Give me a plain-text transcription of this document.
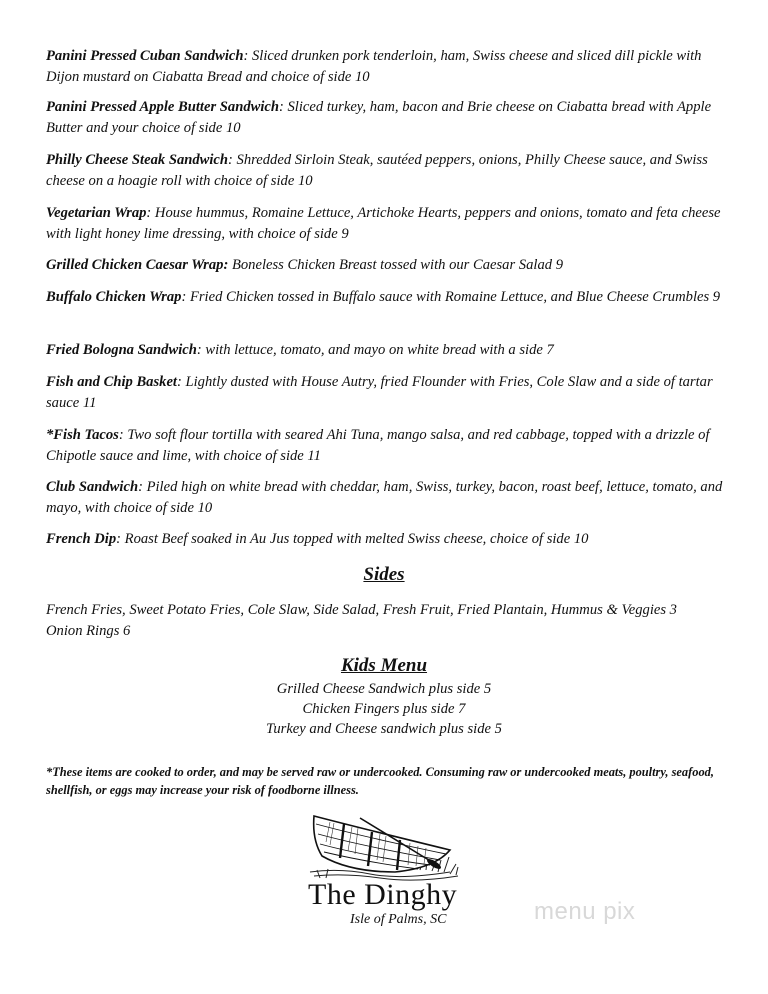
Panini Pressed Cuban Sandwich: Sliced drunken pork tenderloin, ham, Swiss cheese and sliced dill pickle with Dijon mustard on Ciabatta Bread and choice of side 10
Panini Pressed Apple Butter Sandwich: Sliced turkey, ham, bacon and Brie cheese on Ciabatta bread with Apple Butter and your choice of side 10
Philly Cheese Steak Sandwich: Shredded Sirloin Steak, sautéed peppers, onions, Philly Cheese sauce, and Swiss cheese on a hoagie roll with choice of side 10
Vegetarian Wrap: House hummus, Romaine Lettuce, Artichoke Hearts, peppers and onions, tomato and feta cheese with light honey lime dressing, with choice of side 9
Grilled Chicken Caesar Wrap: Boneless Chicken Breast tossed with our Caesar Salad 9
Buffalo Chicken Wrap: Fried Chicken tossed in Buffalo sauce with Romaine Lettuce, and Blue Cheese Crumbles 9
Fried Bologna Sandwich: with lettuce, tomato, and mayo on white bread with a side 7
Fish and Chip Basket: Lightly dusted with House Autry, fried Flounder with Fries, Cole Slaw and a side of tartar sauce 11
*Fish Tacos: Two soft flour tortilla with seared Ahi Tuna, mango salsa, and red cabbage, topped with a drizzle of Chipotle sauce and lime, with choice of side 11
Club Sandwich: Piled high on white bread with cheddar, ham, Swiss, turkey, bacon, roast beef, lettuce, tomato, and mayo, with choice of side 10
French Dip: Roast Beef soaked in Au Jus topped with melted Swiss cheese, choice of side 10
Sides
French Fries, Sweet Potato Fries, Cole Slaw, Side Salad, Fresh Fruit, Fried Plantain, Hummus & Veggies 3
Onion Rings 6
Kids Menu
Grilled Cheese Sandwich plus side 5
Chicken Fingers plus side 7
Turkey and Cheese sandwich plus side 5
*These items are cooked to order, and may be served raw or undercooked. Consuming raw or undercooked meats, poultry, seafood, shellfish, or eggs may increase your risk of foodborne illness.
The Dinghy
Isle of Palms, SC	menu pix
